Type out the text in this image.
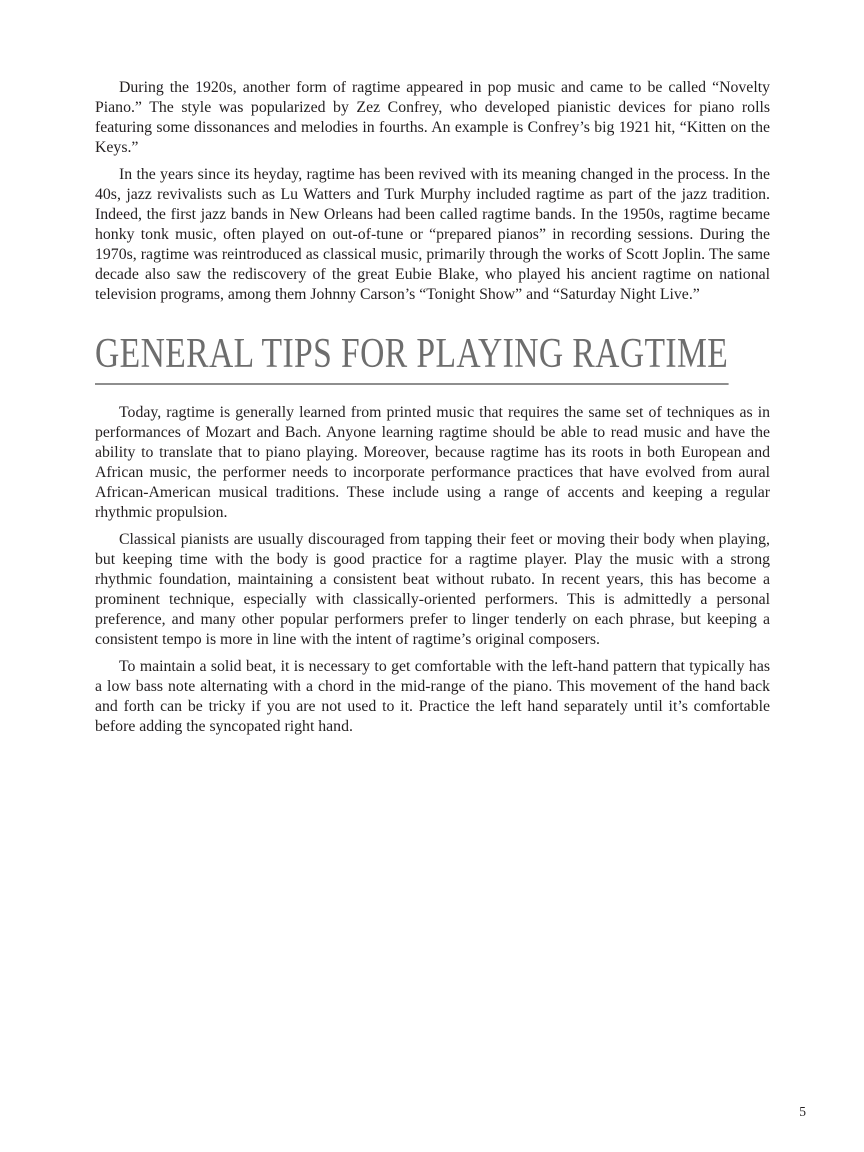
During the 1920s, another form of ragtime appeared in pop music and came to be called “Novelty Piano.” The style was popularized by Zez Confrey, who developed pianistic devices for piano rolls featuring some dissonances and melodies in fourths. An example is Confrey’s big 1921 hit, “Kitten on the Keys.”

In the years since its heyday, ragtime has been revived with its meaning changed in the process. In the 40s, jazz revivalists such as Lu Watters and Turk Murphy included ragtime as part of the jazz tradition. Indeed, the first jazz bands in New Orleans had been called ragtime bands. In the 1950s, ragtime became honky tonk music, often played on out-of-tune or “prepared pianos” in recording sessions. During the 1970s, ragtime was reintroduced as classical music, primarily through the works of Scott Joplin. The same decade also saw the rediscovery of the great Eubie Blake, who played his ancient ragtime on national television programs, among them Johnny Carson’s “Tonight Show” and “Saturday Night Live.”

GENERAL TIPS FOR PLAYING RAGTIME

Today, ragtime is generally learned from printed music that requires the same set of techniques as in performances of Mozart and Bach. Anyone learning ragtime should be able to read music and have the ability to translate that to piano playing. Moreover, because ragtime has its roots in both European and African music, the performer needs to incorporate performance practices that have evolved from aural African-American musical traditions. These include using a range of accents and keeping a regular rhythmic propulsion.

Classical pianists are usually discouraged from tapping their feet or moving their body when playing, but keeping time with the body is good practice for a ragtime player. Play the music with a strong rhythmic foundation, maintaining a consistent beat without rubato. In recent years, this has become a prominent technique, especially with classically-oriented performers. This is admittedly a personal preference, and many other popular performers prefer to linger tenderly on each phrase, but keeping a consistent tempo is more in line with the intent of ragtime’s original composers.

To maintain a solid beat, it is necessary to get comfortable with the left-hand pattern that typically has a low bass note alternating with a chord in the mid-range of the piano. This movement of the hand back and forth can be tricky if you are not used to it. Practice the left hand separately until it’s comfortable before adding the syncopated right hand.

5
